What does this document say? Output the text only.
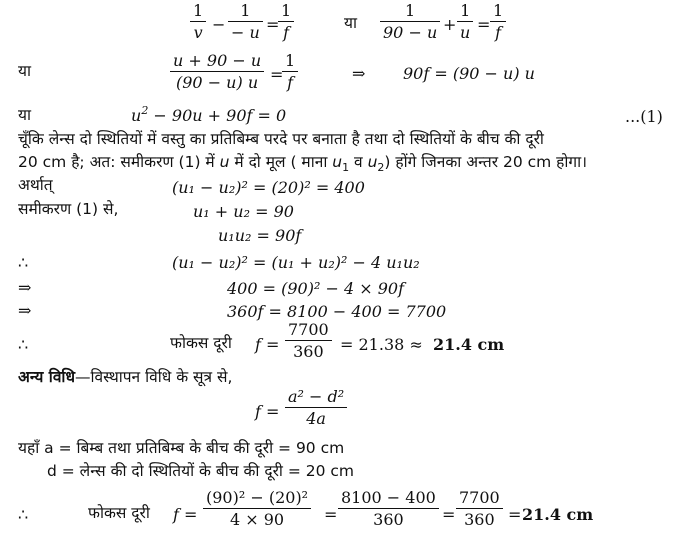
1
v −
1
− u =
1
f	या
1
90 − u +
1
u =
1
f
या
u + 90 − u
(90 − u) u =
1
f	⇒ 90f = (90 − u) u
या	$u^2 - 90u + 90f = 0$	...(1)
चूँकि लेन्स दो स्थितियों में वस्तु का प्रतिबिम्ब परदे पर बनाता है तथा दो स्थितियों के बीच की दूरी
20 cm है; अत: समीकरण (1) में u में दो मूल ( माना $u_1$ व $u_2$) होंगे जिनका अन्तर 20 cm होगा।
अर्थात्	(u₁ − u₂)² = (20)² = 400
समीकरण (1) से,	u₁ + u₂ = 90
u₁u₂ = 90f
∴	(u₁ − u₂)² = (u₁ + u₂)² − 4 u₁u₂
⇒	400 = (90)² − 4 × 90f
⇒	360f = 8100 − 400 = 7700
∴	फोकस दूरी f =
7700
360 = 21.38 ≈ 21.4 cm
अन्य विधि—विस्थापन विधि के सूत्र से,
f =
a² − d²
4a
यहाँ a = बिम्ब तथा प्रतिबिम्ब के बीच की दूरी = 90 cm
d = लेन्स की दो स्थितियों के बीच की दूरी = 20 cm
∴	फोकस दूरी f =
(90)² − (20)²
4 × 90 =
8100 − 400
360 =
7700
360 = 21.4 cm
